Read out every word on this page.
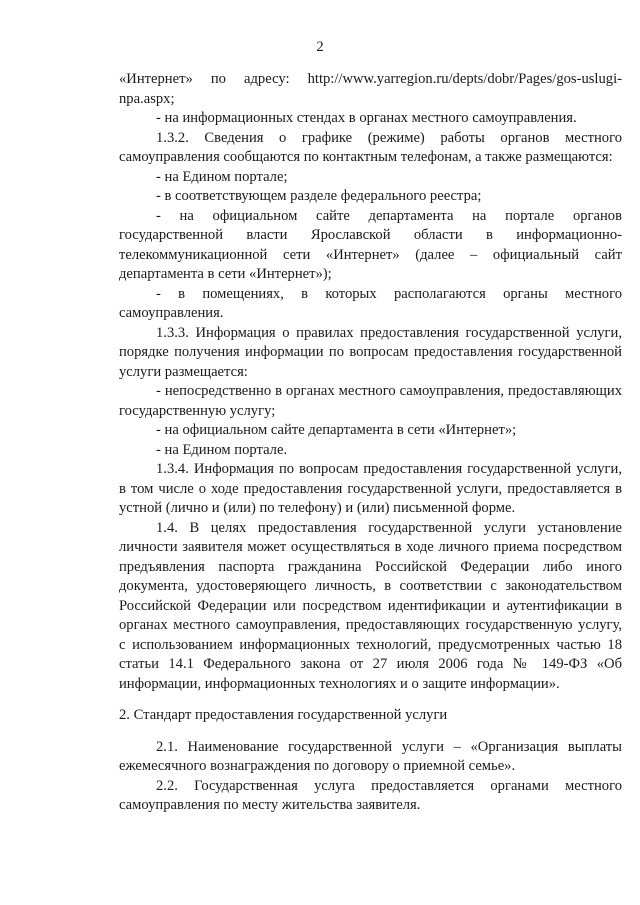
2

«Интернет» по адресу: http://www.yarregion.ru/depts/dobr/Pages/gos-uslugi-npa.aspx;

- на информационных стендах в органах местного самоуправления.

1.3.2. Сведения о графике (режиме) работы органов местного самоуправления сообщаются по контактным телефонам, а также размещаются:

- на Едином портале;

- в соответствующем разделе федерального реестра;

- на официальном сайте департамента на портале органов государственной власти Ярославской области в информационно-телекоммуникационной сети «Интернет» (далее – официальный сайт департамента в сети «Интернет»);

- в помещениях, в которых располагаются органы местного самоуправления.

1.3.3. Информация о правилах предоставления государственной услуги, порядке получения информации по вопросам предоставления государственной услуги размещается:

- непосредственно в органах местного самоуправления, предоставляющих государственную услугу;

- на официальном сайте департамента в сети «Интернет»;

- на Едином портале.

1.3.4. Информация по вопросам предоставления государственной услуги, в том числе о ходе предоставления государственной услуги, предоставляется в устной (лично и (или) по телефону) и (или) письменной форме.

1.4. В целях предоставления государственной услуги установление личности заявителя может осуществляться в ходе личного приема посредством предъявления паспорта гражданина Российской Федерации либо иного документа, удостоверяющего личность, в соответствии с законодательством Российской Федерации или посредством идентификации и аутентификации в органах местного самоуправления, предоставляющих государственную услугу, с использованием информационных технологий, предусмотренных частью 18 статьи 14.1 Федерального закона от 27 июля 2006 года № 149-ФЗ «Об информации, информационных технологиях и о защите информации».

2. Стандарт предоставления государственной услуги

2.1. Наименование государственной услуги – «Организация выплаты ежемесячного вознаграждения по договору о приемной семье».

2.2. Государственная услуга предоставляется органами местного самоуправления по месту жительства заявителя.
